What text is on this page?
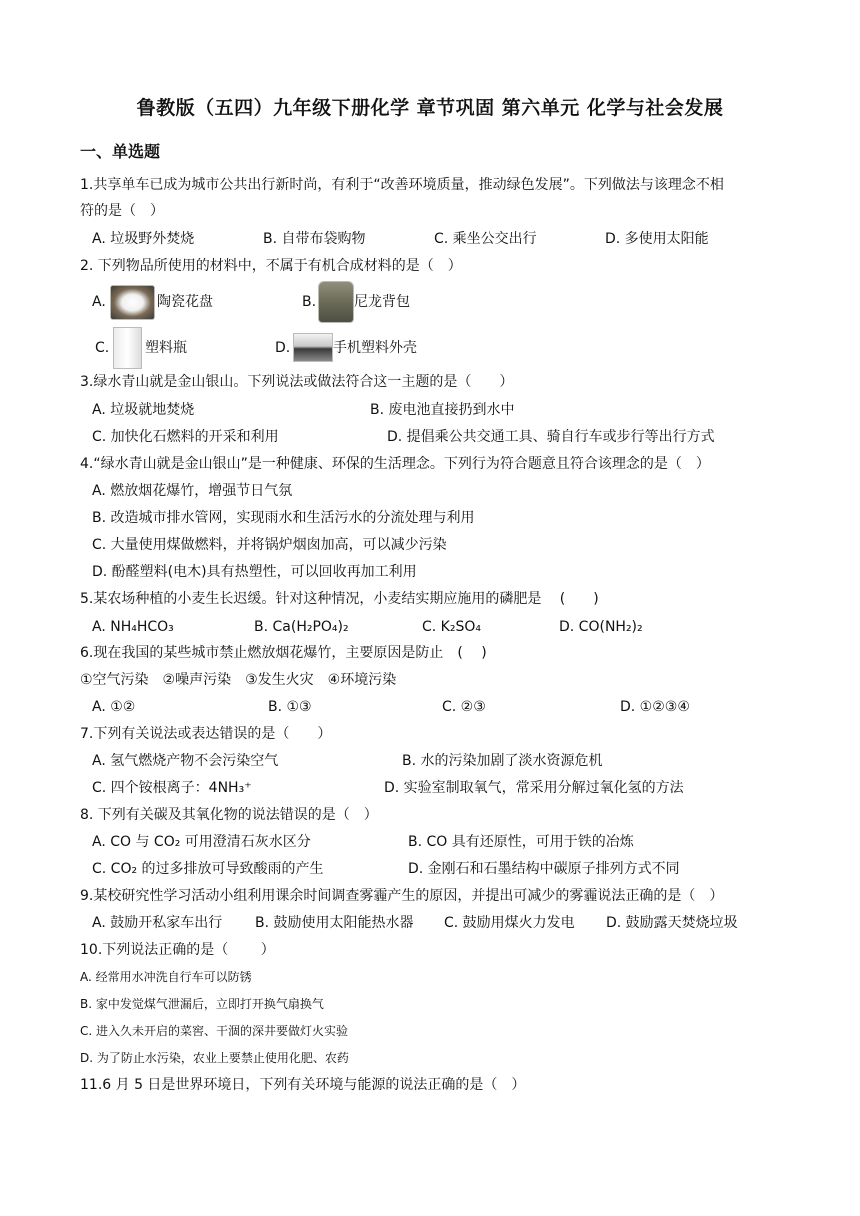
鲁教版（五四）九年级下册化学 章节巩固 第六单元 化学与社会发展
一、单选题
1.共享单车已成为城市公共出行新时尚，有利于“改善环境质量，推动绿色发展”。下列做法与该理念不相
符的是（　）
A. 垃圾野外焚烧	B. 自带布袋购物	C. 乘坐公交出行	D. 多使用太阳能
2. 下列物品所使用的材料中，不属于有机合成材料的是（　）
A.	陶瓷花盘	B.	尼龙背包
C.	塑料瓶	D.	手机塑料外壳
3.绿水青山就是金山银山。下列说法或做法符合这一主题的是（　　）
A. 垃圾就地焚烧	B. 废电池直接扔到水中
C. 加快化石燃料的开采和利用	D. 提倡乘公共交通工具、骑自行车或步行等出行方式
4.“绿水青山就是金山银山”是一种健康、环保的生活理念。下列行为符合题意且符合该理念的是（　）
A. 燃放烟花爆竹，增强节日气氛
B. 改造城市排水管网，实现雨水和生活污水的分流处理与利用
C. 大量使用煤做燃料，并将锅炉烟囱加高，可以减少污染
D. 酚醛塑料(电木)具有热塑性，可以回收再加工利用
5.某农场种植的小麦生长迟缓。针对这种情况，小麦结实期应施用的磷肥是　 (　　)
A. NH₄HCO₃	B. Ca(H₂PO₄)₂	C. K₂SO₄	D. CO(NH₂)₂
6.现在我国的某些城市禁止燃放烟花爆竹，主要原因是防止　(　 )
①空气污染　②噪声污染　③发生火灾　④环境污染
A. ①②	B. ①③	C. ②③	D. ①②③④
7.下列有关说法或表达错误的是（　　）
A. 氢气燃烧产物不会污染空气	B. 水的污染加剧了淡水资源危机
C. 四个铵根离子：4NH₃⁺	D. 实验室制取氧气，常采用分解过氧化氢的方法
8. 下列有关碳及其氧化物的说法错误的是（　）
A. CO 与 CO₂ 可用澄清石灰水区分	B. CO 具有还原性，可用于铁的冶炼
C. CO₂ 的过多排放可导致酸雨的产生	D. 金刚石和石墨结构中碳原子排列方式不同
9.某校研究性学习活动小组利用课余时间调查雾霾产生的原因，并提出可减少的雾霾说法正确的是（　）
A. 鼓励开私家车出行 B. 鼓励使用太阳能热水器 C. 鼓励用煤火力发电 D. 鼓励露天焚烧垃圾
10.下列说法正确的是（　　 ）
A. 经常用水冲洗自行车可以防锈
B. 家中发觉煤气泄漏后，立即打开换气扇换气
C. 进入久未开启的菜窖、干涸的深井要做灯火实验
D. 为了防止水污染，农业上要禁止使用化肥、农药
11.6 月 5 日是世界环境日，下列有关环境与能源的说法正确的是（　）
